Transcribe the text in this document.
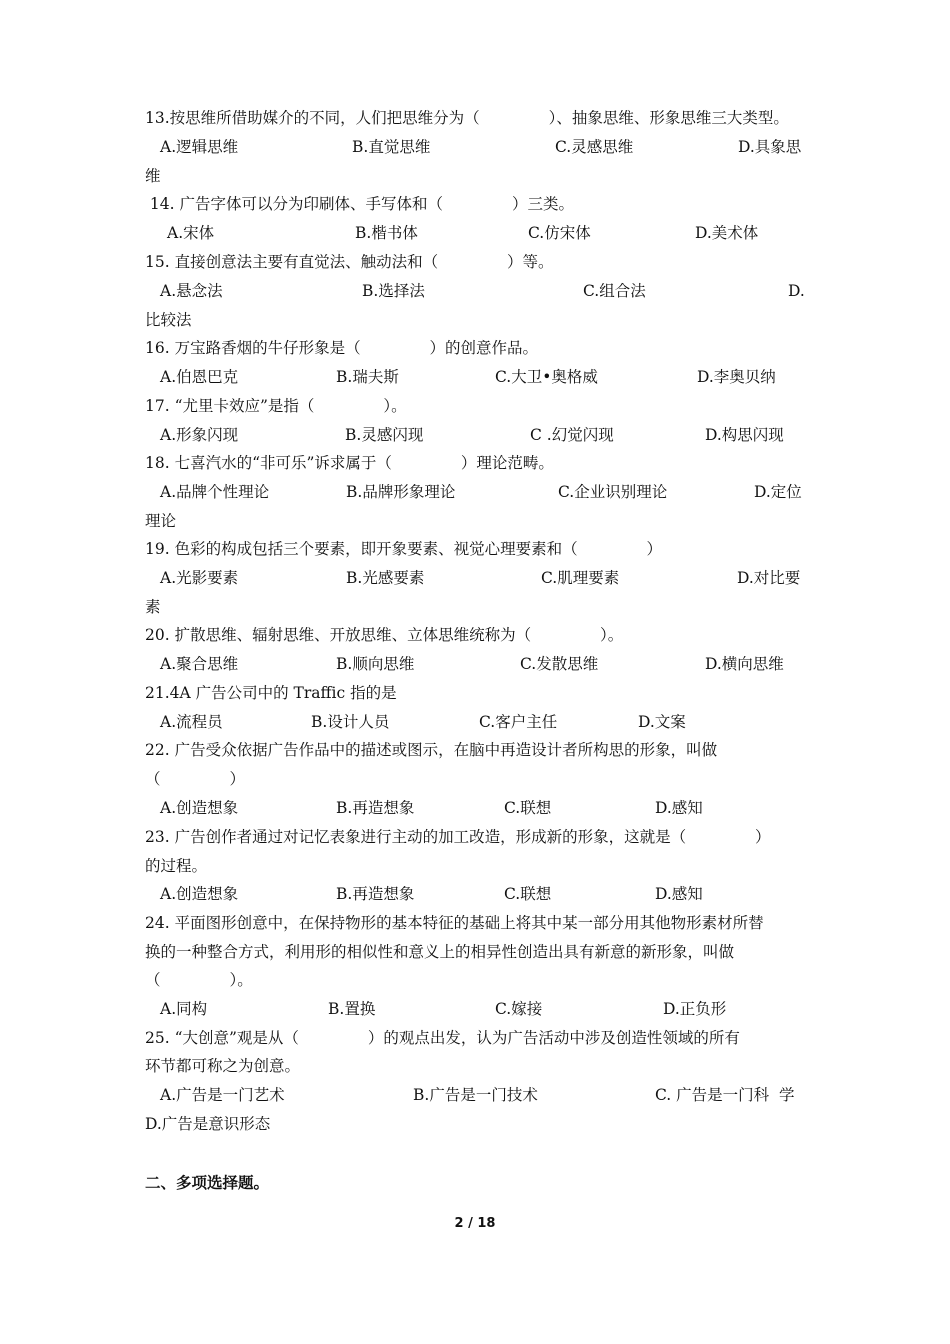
13.按思维所借助媒介的不同，人们把思维分为（              ）、抽象思维、形象思维三大类型。
A.逻辑思维	B.直觉思维	C.灵感思维	D.具象思
维
14. 广告字体可以分为印刷体、手写体和（              ）三类。
A.宋体	B.楷书体	C.仿宋体	D.美术体
15. 直接创意法主要有直觉法、触动法和（              ）等。
A.悬念法	B.选择法	C.组合法	D.
比较法
16. 万宝路香烟的牛仔形象是（              ）的创意作品。
A.伯恩巴克	B.瑞夫斯	C.大卫•奥格威	D.李奥贝纳
17. “尤里卡效应”是指（              ）。
A.形象闪现	B.灵感闪现	C .幻觉闪现	D.构思闪现
18. 七喜汽水的“非可乐”诉求属于（              ）理论范畴。
A.品牌个性理论	B.品牌形象理论	C.企业识别理论	D.定位
理论
19. 色彩的构成包括三个要素，即开象要素、视觉心理要素和（              ）
A.光影要素	B.光感要素	C.肌理要素	D.对比要
素
20. 扩散思维、辐射思维、开放思维、立体思维统称为（              ）。
A.聚合思维	B.顺向思维	C.发散思维	D.横向思维
21.4A 广告公司中的 Traffic 指的是
A.流程员	B.设计人员	C.客户主任	D.文案
22. 广告受众依据广告作品中的描述或图示，在脑中再造设计者所构思的形象，叫做
（              ）
A.创造想象	B.再造想象	C.联想	D.感知
23. 广告创作者通过对记忆表象进行主动的加工改造，形成新的形象，这就是（              ）
的过程。
A.创造想象	B.再造想象	C.联想	D.感知
24. 平面图形创意中，在保持物形的基本特征的基础上将其中某一部分用其他物形素材所替
换的一种整合方式，利用形的相似性和意义上的相异性创造出具有新意的新形象，叫做
（              ）。
A.同构	B.置换	C.嫁接	D.正负形
25. “大创意”观是从（              ）的观点出发，认为广告活动中涉及创造性领域的所有
环节都可称之为创意。
A.广告是一门艺术	B.广告是一门技术	C. 广告是一门科  学
D.广告是意识形态
二、多项选择题。
2 / 18
